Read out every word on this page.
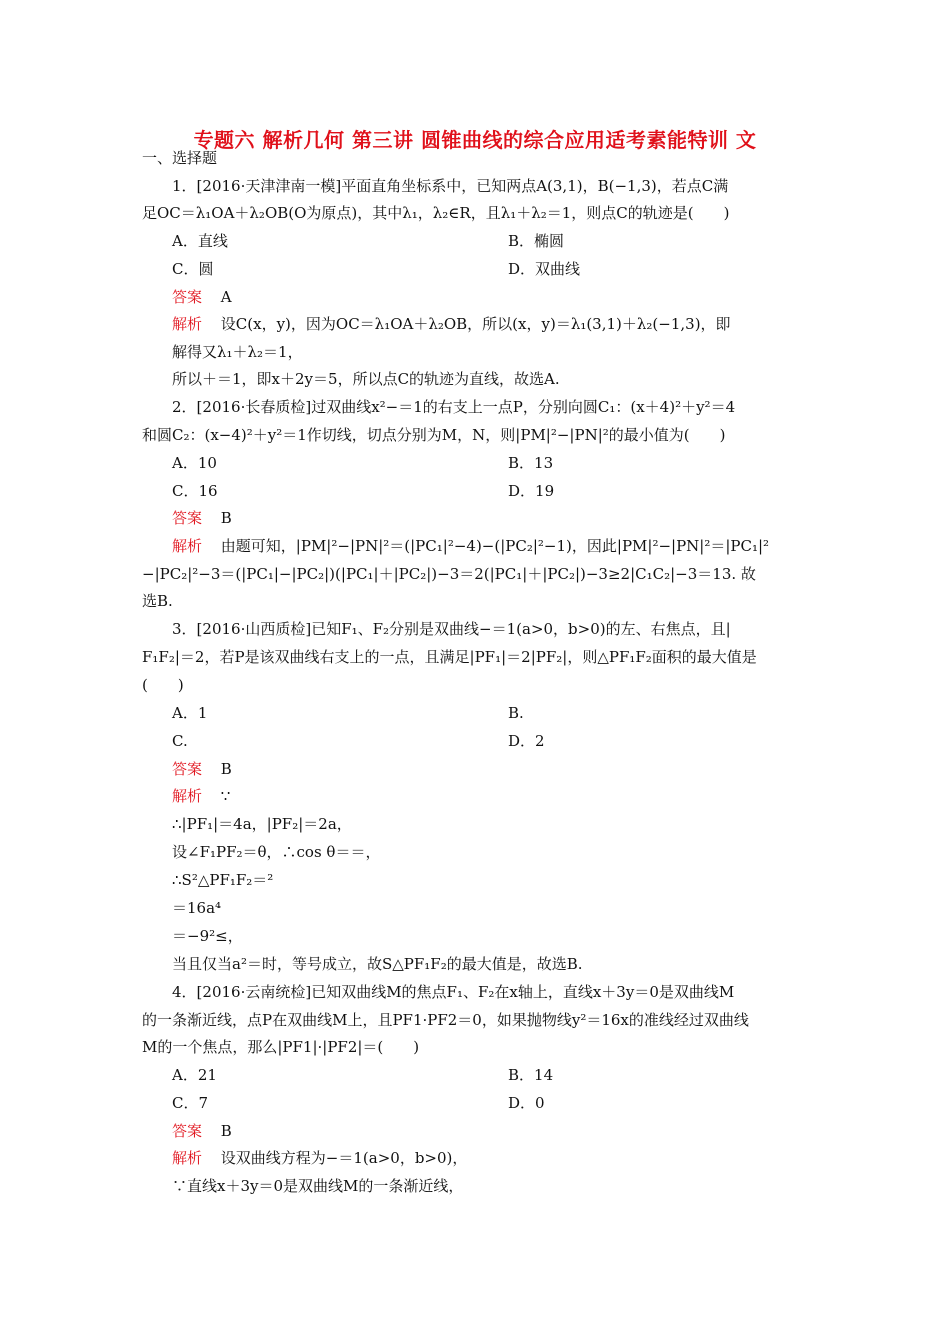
专题六 解析几何 第三讲 圆锥曲线的综合应用适考素能特训 文
一、选择题
1．[2016·天津津南一模]平面直角坐标系中，已知两点A(3,1)，B(−1,3)，若点C满
足OC＝λ₁OA＋λ₂OB(O为原点)，其中λ₁，λ₂∈R，且λ₁＋λ₂＝1，则点C的轨迹是(　　)
A．直线	B．椭圆
C．圆	D．双曲线
答案 A
解析 设C(x，y)，因为OC＝λ₁OA＋λ₂OB，所以(x，y)＝λ₁(3,1)＋λ₂(−1,3)，即
解得又λ₁＋λ₂＝1，
所以＋＝1，即x＋2y＝5，所以点C的轨迹为直线，故选A.
2．[2016·长春质检]过双曲线x²−＝1的右支上一点P，分别向圆C₁：(x＋4)²＋y²＝4
和圆C₂：(x−4)²＋y²＝1作切线，切点分别为M，N，则|PM|²−|PN|²的最小值为(　　)
A．10	B．13
C．16	D．19
答案 B
解析 由题可知，|PM|²−|PN|²＝(|PC₁|²−4)−(|PC₂|²−1)，因此|PM|²−|PN|²＝|PC₁|²
−|PC₂|²−3＝(|PC₁|−|PC₂|)(|PC₁|＋|PC₂|)−3＝2(|PC₁|＋|PC₂|)−3≥2|C₁C₂|−3＝13. 故
选B.
3．[2016·山西质检]已知F₁、F₂分别是双曲线−＝1(a>0，b>0)的左、右焦点，且|
F₁F₂|＝2，若P是该双曲线右支上的一点，且满足|PF₁|＝2|PF₂|，则△PF₁F₂面积的最大值是
(　　)
A．1	B.
C.	D．2
答案 B
解析 ∵
∴|PF₁|＝4a，|PF₂|＝2a，
设∠F₁PF₂＝θ，∴cos θ＝＝，
∴S²△PF₁F₂＝²
＝16a⁴
＝−9²≤，
当且仅当a²＝时，等号成立，故S△PF₁F₂的最大值是，故选B.
4．[2016·云南统检]已知双曲线M的焦点F₁、F₂在x轴上，直线x＋3y＝0是双曲线M
的一条渐近线，点P在双曲线M上，且PF1·PF2＝0，如果抛物线y²＝16x的准线经过双曲线
M的一个焦点，那么|PF1|·|PF2|＝(　　)
A．21	B．14
C．7	D．0
答案 B
解析 设双曲线方程为−＝1(a>0，b>0)，
∵直线x＋3y＝0是双曲线M的一条渐近线，
